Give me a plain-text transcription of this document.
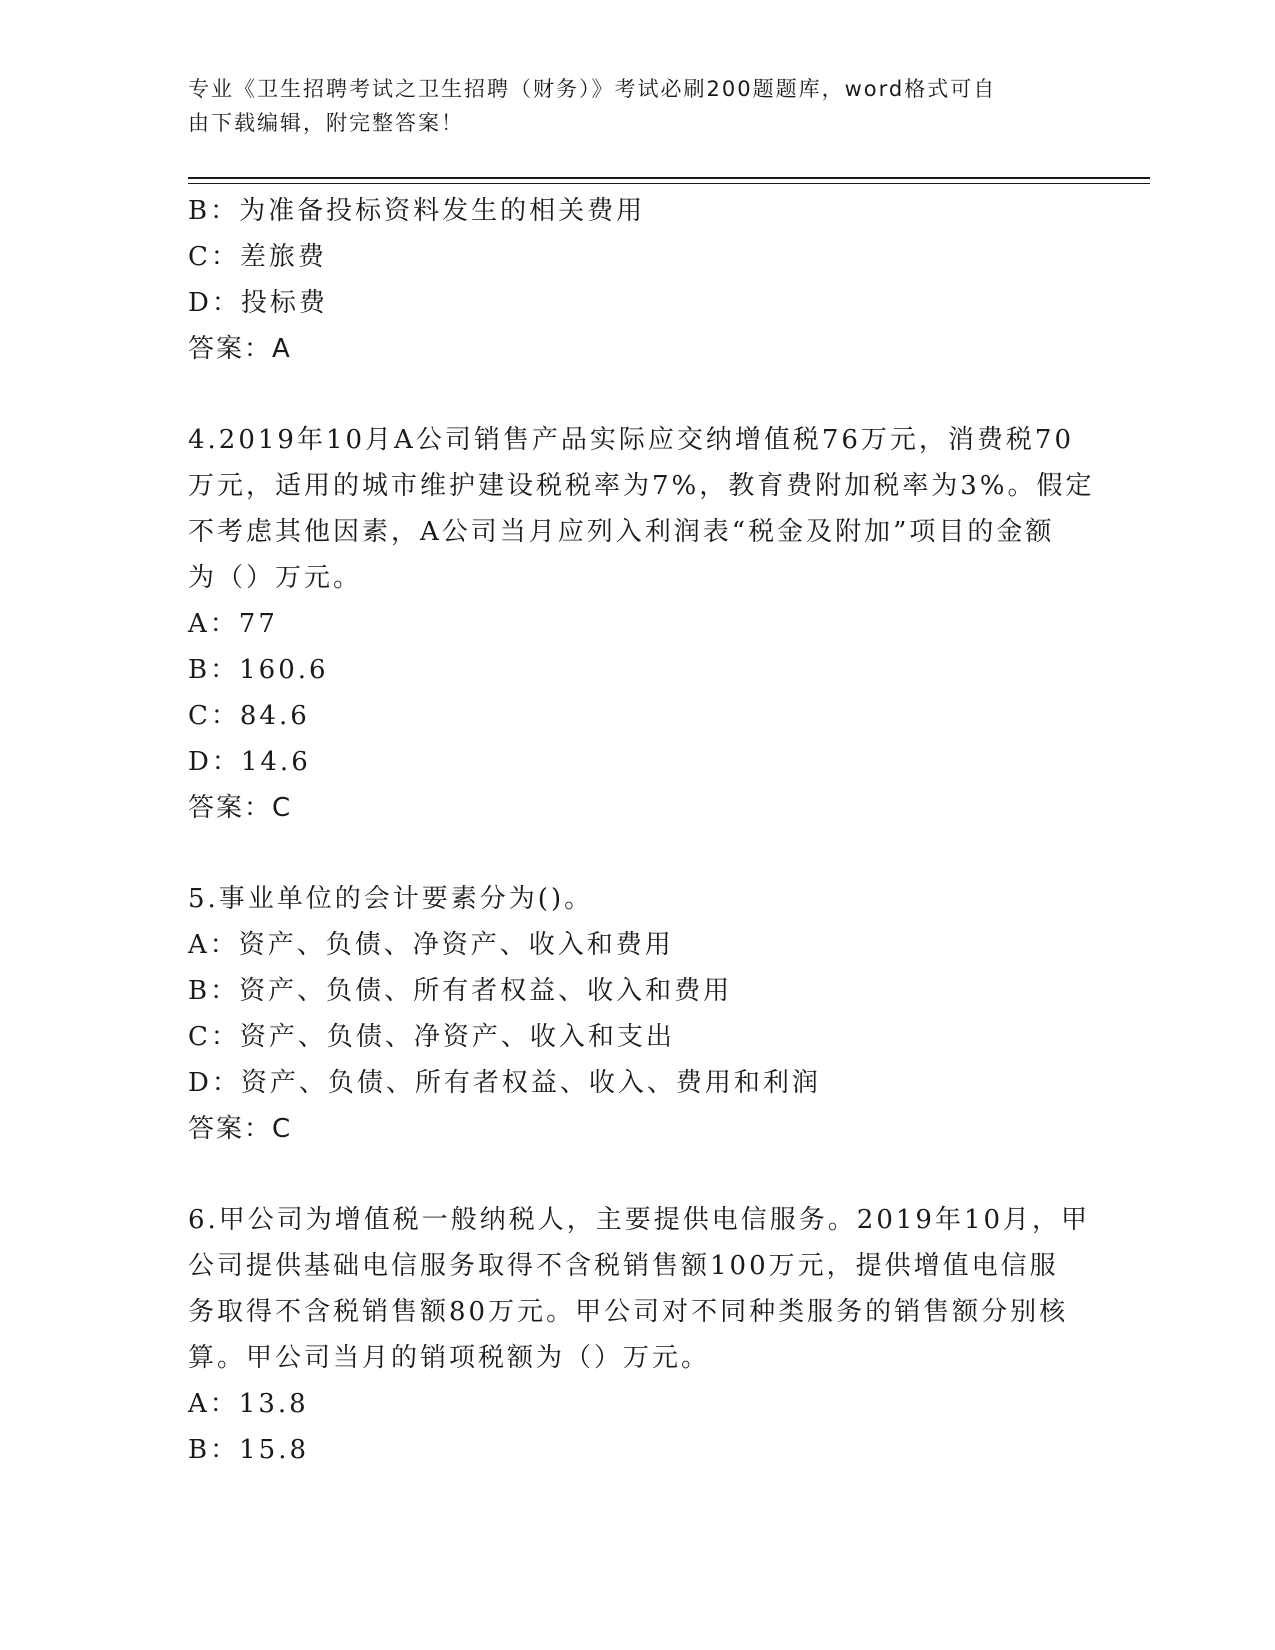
专业《卫生招聘考试之卫生招聘（财务）》考试必刷200题题库，word格式可自
由下载编辑，附完整答案！
B：为准备投标资料发生的相关费用
C：差旅费
D：投标费
答案：A
4.2019年10月A公司销售产品实际应交纳增值税76万元，消费税70
万元，适用的城市维护建设税税率为7%，教育费附加税率为3%。假定
不考虑其他因素，A公司当月应列入利润表“税金及附加”项目的金额
为（）万元。
A：77
B：160.6
C：84.6
D：14.6
答案：C
5.事业单位的会计要素分为()。
A：资产、负债、净资产、收入和费用
B：资产、负债、所有者权益、收入和费用
C：资产、负债、净资产、收入和支出
D：资产、负债、所有者权益、收入、费用和利润
答案：C
6.甲公司为增值税一般纳税人，主要提供电信服务。2019年10月，甲
公司提供基础电信服务取得不含税销售额100万元，提供增值电信服
务取得不含税销售额80万元。甲公司对不同种类服务的销售额分别核
算。甲公司当月的销项税额为（）万元。
A：13.8
B：15.8
